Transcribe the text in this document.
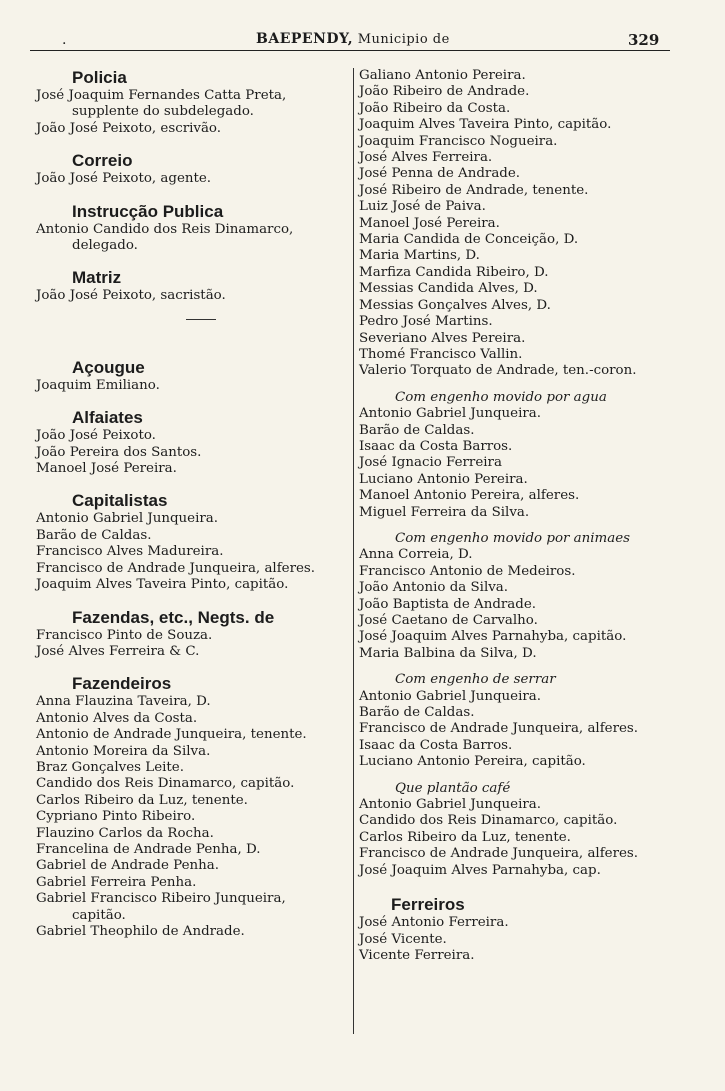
.	BAEPENDY, Municipio de	329
Policia
José Joaquim Fernandes Catta Preta,
supplente do subdelegado.
João José Peixoto, escrivão.
Correio
João José Peixoto, agente.
Instrucção Publica
Antonio Candido dos Reis Dinamarco,
delegado.
Matriz
João José Peixoto, sacristão.
Açougue
Joaquim Emiliano.
Alfaiates
João José Peixoto.
João Pereira dos Santos.
Manoel José Pereira.
Capitalistas
Antonio Gabriel Junqueira.
Barão de Caldas.
Francisco Alves Madureira.
Francisco de Andrade Junqueira, alferes.
Joaquim Alves Taveira Pinto, capitão.
Fazendas, etc., Negts. de
Francisco Pinto de Souza.
José Alves Ferreira & C.
Fazendeiros
Anna Flauzina Taveira, D.
Antonio Alves da Costa.
Antonio de Andrade Junqueira, tenente.
Antonio Moreira da Silva.
Braz Gonçalves Leite.
Candido dos Reis Dinamarco, capitão.
Carlos Ribeiro da Luz, tenente.
Cypriano Pinto Ribeiro.
Flauzino Carlos da Rocha.
Francelina de Andrade Penha, D.
Gabriel de Andrade Penha.
Gabriel Ferreira Penha.
Gabriel Francisco Ribeiro Junqueira,
capitão.
Gabriel Theophilo de Andrade.
Galiano Antonio Pereira.
João Ribeiro de Andrade.
João Ribeiro da Costa.
Joaquim Alves Taveira Pinto, capitão.
Joaquim Francisco Nogueira.
José Alves Ferreira.
José Penna de Andrade.
José Ribeiro de Andrade, tenente.
Luiz José de Paiva.
Manoel José Pereira.
Maria Candida de Conceição, D.
Maria Martins, D.
Marfiza Candida Ribeiro, D.
Messias Candida Alves, D.
Messias Gonçalves Alves, D.
Pedro José Martins.
Severiano Alves Pereira.
Thomé Francisco Vallin.
Valerio Torquato de Andrade, ten.-coron.
Com engenho movido por agua
Antonio Gabriel Junqueira.
Barão de Caldas.
Isaac da Costa Barros.
José Ignacio Ferreira
Luciano Antonio Pereira.
Manoel Antonio Pereira, alferes.
Miguel Ferreira da Silva.
Com engenho movido por animaes
Anna Correia, D.
Francisco Antonio de Medeiros.
João Antonio da Silva.
João Baptista de Andrade.
José Caetano de Carvalho.
José Joaquim Alves Parnahyba, capitão.
Maria Balbina da Silva, D.
Com engenho de serrar
Antonio Gabriel Junqueira.
Barão de Caldas.
Francisco de Andrade Junqueira, alferes.
Isaac da Costa Barros.
Luciano Antonio Pereira, capitão.
Que plantão café
Antonio Gabriel Junqueira.
Candido dos Reis Dinamarco, capitão.
Carlos Ribeiro da Luz, tenente.
Francisco de Andrade Junqueira, alferes.
José Joaquim Alves Parnahyba, cap.
Ferreiros
José Antonio Ferreira.
José Vicente.
Vicente Ferreira.
